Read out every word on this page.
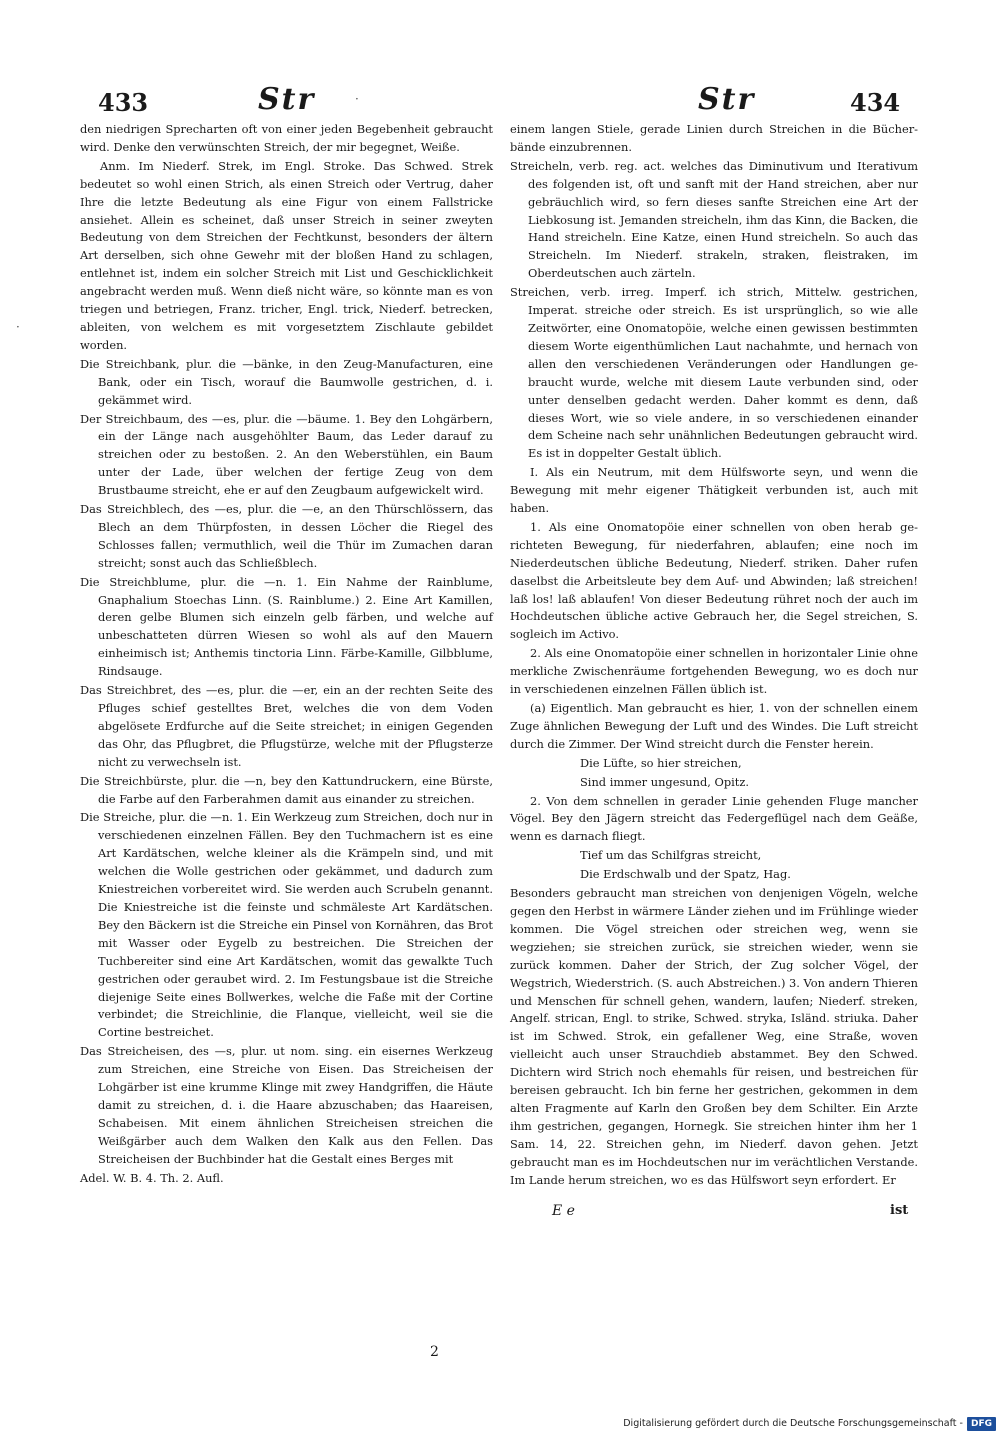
·
·
433	Str	Str	434

den niedrigen Sprecharten oft von einer jeden Begebenheit gebraucht wird. Denke den verwünschten Streich, der mir begegnet, Weiße.

Anm. Im Niederf. Strek, im Engl. Stroke. Das Schwed. Strek bedeutet so wohl einen Strich, als einen Streich oder Vertrug, daher Ihre die letzte Bedeutung als eine Figur von einem Fallstricke ansiehet. Allein es scheinet, daß unser Streich in seiner zweyten Bedeutung von dem Streichen der Fechtkunst, besonders der ältern Art derselben, sich ohne Gewehr mit der bloßen Hand zu schlagen, entlehnet ist, indem ein solcher Streich mit List und Geschicklichkeit angebracht werden muß. Wenn dieß nicht wäre, so könnte man es von triegen und betriegen, Franz. tricher, Engl. trick, Niederf. betrecken, ableiten, von welchem es mit vorgesetztem Zischlaute gebildet worden.

Die Streichbank, plur. die —bänke, in den Zeug-Manufacturen, eine Bank, oder ein Tisch, worauf die Baumwolle gestrichen, d. i. gekämmet wird.

Der Streichbaum, des —es, plur. die —bäume. 1. Bey den Lohgärbern, ein der Länge nach ausgehöhlter Baum, das Leder darauf zu streichen oder zu bestoßen. 2. An den Weberstühlen, ein Baum unter der Lade, über welchen der fertige Zeug von dem Brustbaume streicht, ehe er auf den Zeugbaum aufgewickelt wird.

Das Streichblech, des —es, plur. die —e, an den Thürschlössern, das Blech an dem Thürpfosten, in dessen Löcher die Riegel des Schlosses fallen; vermuthlich, weil die Thür im Zumachen daran streicht; sonst auch das Schließblech.

Die Streichblume, plur. die —n. 1. Ein Nahme der Rainblume, Gnaphalium Stoechas Linn. (S. Rainblume.) 2. Eine Art Kamillen, deren gelbe Blumen sich einzeln gelb färben, und welche auf unbeschatteten dürren Wiesen so wohl als auf den Mauern einheimisch ist; Anthemis tinctoria Linn. Färbe-Kamille, Gilbblume, Rindsauge.

Das Streichbret, des —es, plur. die —er, ein an der rechten Seite des Pfluges schief gestelltes Bret, welches die von dem Voden abgelösete Erdfurche auf die Seite streichet; in einigen Gegenden das Ohr, das Pflugbret, die Pflugstürze, welche mit der Pflugsterze nicht zu verwechseln ist.

Die Streichbürste, plur. die —n, bey den Kattundruckern, eine Bürste, die Farbe auf den Farberahmen damit aus einander zu streichen.

Die Streiche, plur. die —n. 1. Ein Werkzeug zum Streichen, doch nur in verschiedenen einzelnen Fällen. Bey den Tuchmachern ist es eine Art Kardätschen, welche kleiner als die Krämpeln sind, und mit welchen die Wolle gestrichen oder gekämmet, und dadurch zum Kniestreichen vorbereitet wird. Sie werden auch Scrubeln genannt. Die Kniestreiche ist die feinste und schmäleste Art Kardätschen. Bey den Bäckern ist die Streiche ein Pinsel von Kornähren, das Brot mit Wasser oder Eygelb zu bestreichen. Die Streichen der Tuchbereiter sind eine Art Kardätschen, womit das gewalkte Tuch gestrichen oder geraubet wird. 2. Im Festungsbaue ist die Streiche diejenige Seite eines Bollwerkes, welche die Faße mit der Cortine verbindet; die Streichlinie, die Flanque, vielleicht, weil sie die Cortine bestreichet.

Das Streicheisen, des —s, plur. ut nom. sing. ein eisernes Werkzeug zum Streichen, eine Streiche von Eisen. Das Streicheisen der Lohgärber ist eine krumme Klinge mit zwey Handgriffen, die Häute damit zu streichen, d. i. die Haare abzuschaben; das Haareisen, Schabeisen. Mit einem ähnlichen Streicheisen streichen die Weißgärber auch dem Walken den Kalk aus den Fellen. Das Streicheisen der Buchbinder hat die Gestalt eines Berges mit

Adel. W. B. 4. Th. 2. Aufl.

einem langen Stiele, gerade Linien durch Streichen in die Bücherbände einzubrennen.

Streicheln, verb. reg. act. welches das Diminutivum und Iterativum des folgenden ist, oft und sanft mit der Hand streichen, aber nur gebräuchlich wird, so fern dieses sanfte Streichen eine Art der Liebkosung ist. Jemanden streicheln, ihm das Kinn, die Backen, die Hand streicheln. Eine Katze, einen Hund streicheln. So auch das Streicheln. Im Niederf. strakeln, straken, fleistraken, im Oberdeutschen auch zärteln.

Streichen, verb. irreg. Imperf. ich strich, Mittelw. gestrichen, Imperat. streiche oder streich. Es ist ursprünglich, so wie alle Zeitwörter, eine Onomatopöie, welche einen gewissen bestimmten diesem Worte eigenthümlichen Laut nachahmte, und hernach von allen den verschiedenen Veränderungen oder Handlungen gebraucht wurde, welche mit diesem Laute verbunden sind, oder unter denselben gedacht werden. Daher kommt es denn, daß dieses Wort, wie so viele andere, in so verschiedenen einander dem Scheine nach sehr unähnlichen Bedeutungen gebraucht wird. Es ist in doppelter Gestalt üblich.

I. Als ein Neutrum, mit dem Hülfsworte seyn, und wenn die Bewegung mit mehr eigener Thätigkeit verbunden ist, auch mit haben.

1. Als eine Onomatopöie einer schnellen von oben herab gerichteten Bewegung, für niederfahren, ablaufen; eine noch im Niederdeutschen übliche Bedeutung, Niederf. striken. Daher rufen daselbst die Arbeitsleute bey dem Auf- und Abwinden; laß streichen! laß los! laß ablaufen! Von dieser Bedeutung rühret noch der auch im Hochdeutschen übliche active Gebrauch her, die Segel streichen, S. sogleich im Activo.

2. Als eine Onomatopöie einer schnellen in horizontaler Linie ohne merkliche Zwischenräume fortgehenden Bewegung, wo es doch nur in verschiedenen einzelnen Fällen üblich ist.

(a) Eigentlich. Man gebraucht es hier, 1. von der schnellen einem Zuge ähnlichen Bewegung der Luft und des Windes. Die Luft streicht durch die Zimmer. Der Wind streicht durch die Fenster herein.

Die Lüfte, so hier streichen,

Sind immer ungesund, Opitz.

2. Von dem schnellen in gerader Linie gehenden Fluge mancher Vögel. Bey den Jägern streicht das Federgeflügel nach dem Geäße, wenn es darnach fliegt.

Tief um das Schilfgras streicht,

Die Erdschwalb und der Spatz, Hag.

Besonders gebraucht man streichen von denjenigen Vögeln, welche gegen den Herbst in wärmere Länder ziehen und im Frühlinge wieder kommen. Die Vögel streichen oder streichen weg, wenn sie wegziehen; sie streichen zurück, sie streichen wieder, wenn sie zurück kommen. Daher der Strich, der Zug solcher Vögel, der Wegstrich, Wiederstrich. (S. auch Abstreichen.) 3. Von andern Thieren und Menschen für schnell gehen, wandern, laufen; Niederf. streken, Angelf. strican, Engl. to strike, Schwed. stryka, Isländ. striuka. Daher ist im Schwed. Strok, ein gefallener Weg, eine Straße, woven vielleicht auch unser Strauchdieb abstammet. Bey den Schwed. Dichtern wird Strich noch ehemahls für reisen, und bestreichen für bereisen gebraucht. Ich bin ferne her gestrichen, gekommen in dem alten Fragmente auf Karln den Großen bey dem Schilter. Ein Arzte ihm gestrichen, gegangen, Hornegk. Sie streichen hinter ihm her 1 Sam. 14, 22. Streichen gehn, im Niederf. davon gehen. Jetzt gebraucht man es im Hochdeutschen nur im verächtlichen Verstande. Im Lande herum streichen, wo es das Hülfswort seyn erfordert. Er

E e	ist
2
Digitalisierung gefördert durch die Deutsche Forschungsgemeinschaft - DFG
